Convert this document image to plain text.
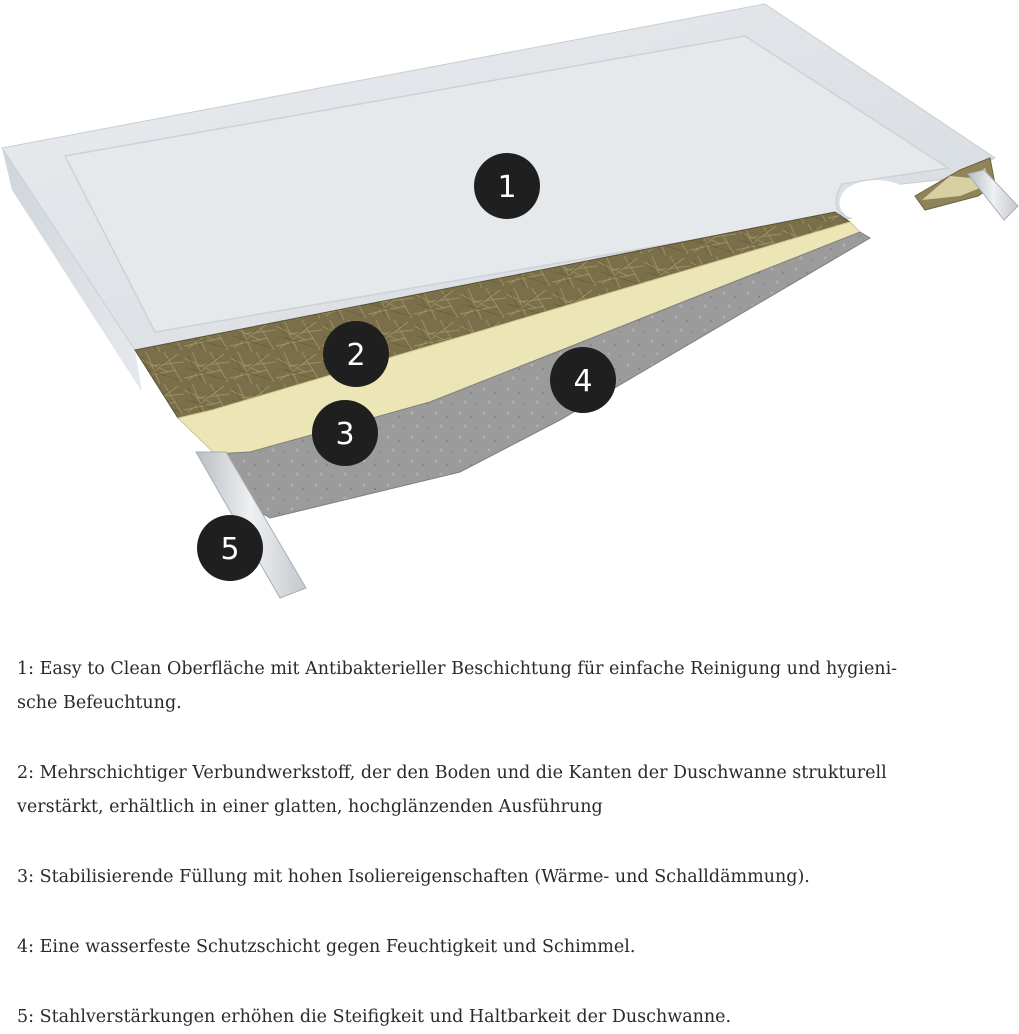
1
2
3
4
5

1: Easy to Clean Oberfläche mit Antibakterieller Beschichtung für einfache Reinigung und hygieni-
sche Befeuchtung.

2: Mehrschichtiger Verbundwerkstoff, der den Boden und die Kanten der Duschwanne strukturell
verstärkt, erhältlich in einer glatten, hochglänzenden Ausführung

3: Stabilisierende Füllung mit hohen Isoliereigenschaften (Wärme- und Schalldämmung).

4: Eine wasserfeste Schutzschicht gegen Feuchtigkeit und Schimmel.

5: Stahlverstärkungen erhöhen die Steifigkeit und Haltbarkeit der Duschwanne.
